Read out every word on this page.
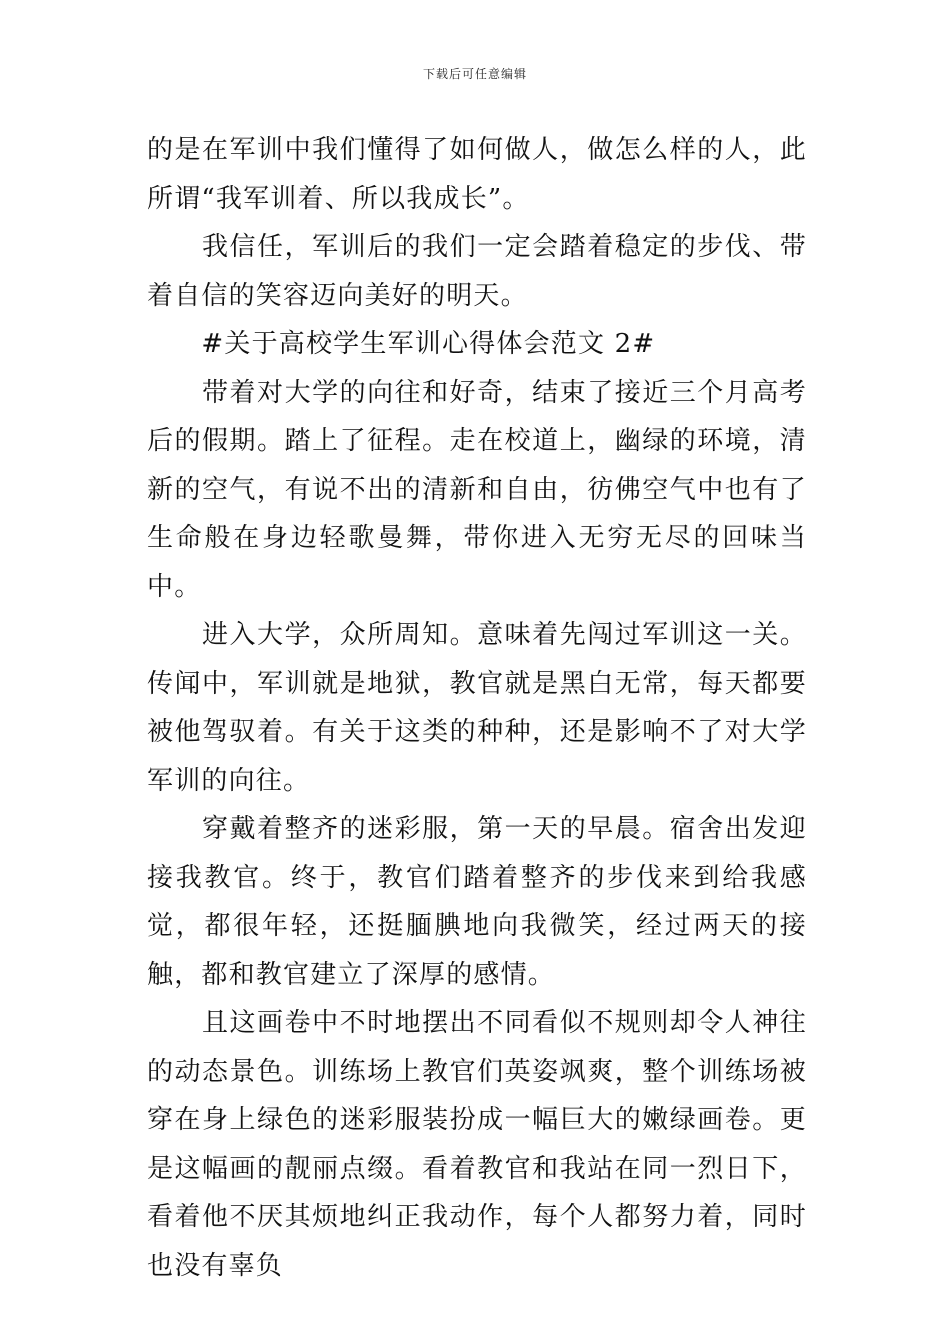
下载后可任意编辑

的是在军训中我们懂得了如何做人，做怎么样的人，此所谓“我军训着、所以我成长”。

　　我信任，军训后的我们一定会踏着稳定的步伐、带着自信的笑容迈向美好的明天。

　　#关于高校学生军训心得体会范文 2#

　　带着对大学的向往和好奇，结束了接近三个月高考后的假期。踏上了征程。走在校道上，幽绿的环境，清新的空气，有说不出的清新和自由，彷佛空气中也有了生命般在身边轻歌曼舞，带你进入无穷无尽的回味当中。

　　进入大学，众所周知。意味着先闯过军训这一关。传闻中，军训就是地狱，教官就是黑白无常，每天都要被他驾驭着。有关于这类的种种，还是影响不了对大学军训的向往。

　　穿戴着整齐的迷彩服，第一天的早晨。宿舍出发迎接我教官。终于，教官们踏着整齐的步伐来到给我感觉，都很年轻，还挺腼腆地向我微笑，经过两天的接触，都和教官建立了深厚的感情。

　　且这画卷中不时地摆出不同看似不规则却令人神往的动态景色。训练场上教官们英姿飒爽，整个训练场被穿在身上绿色的迷彩服装扮成一幅巨大的嫩绿画卷。更是这幅画的靓丽点缀。看着教官和我站在同一烈日下，看着他不厌其烦地纠正我动作，每个人都努力着，同时也没有辜负
